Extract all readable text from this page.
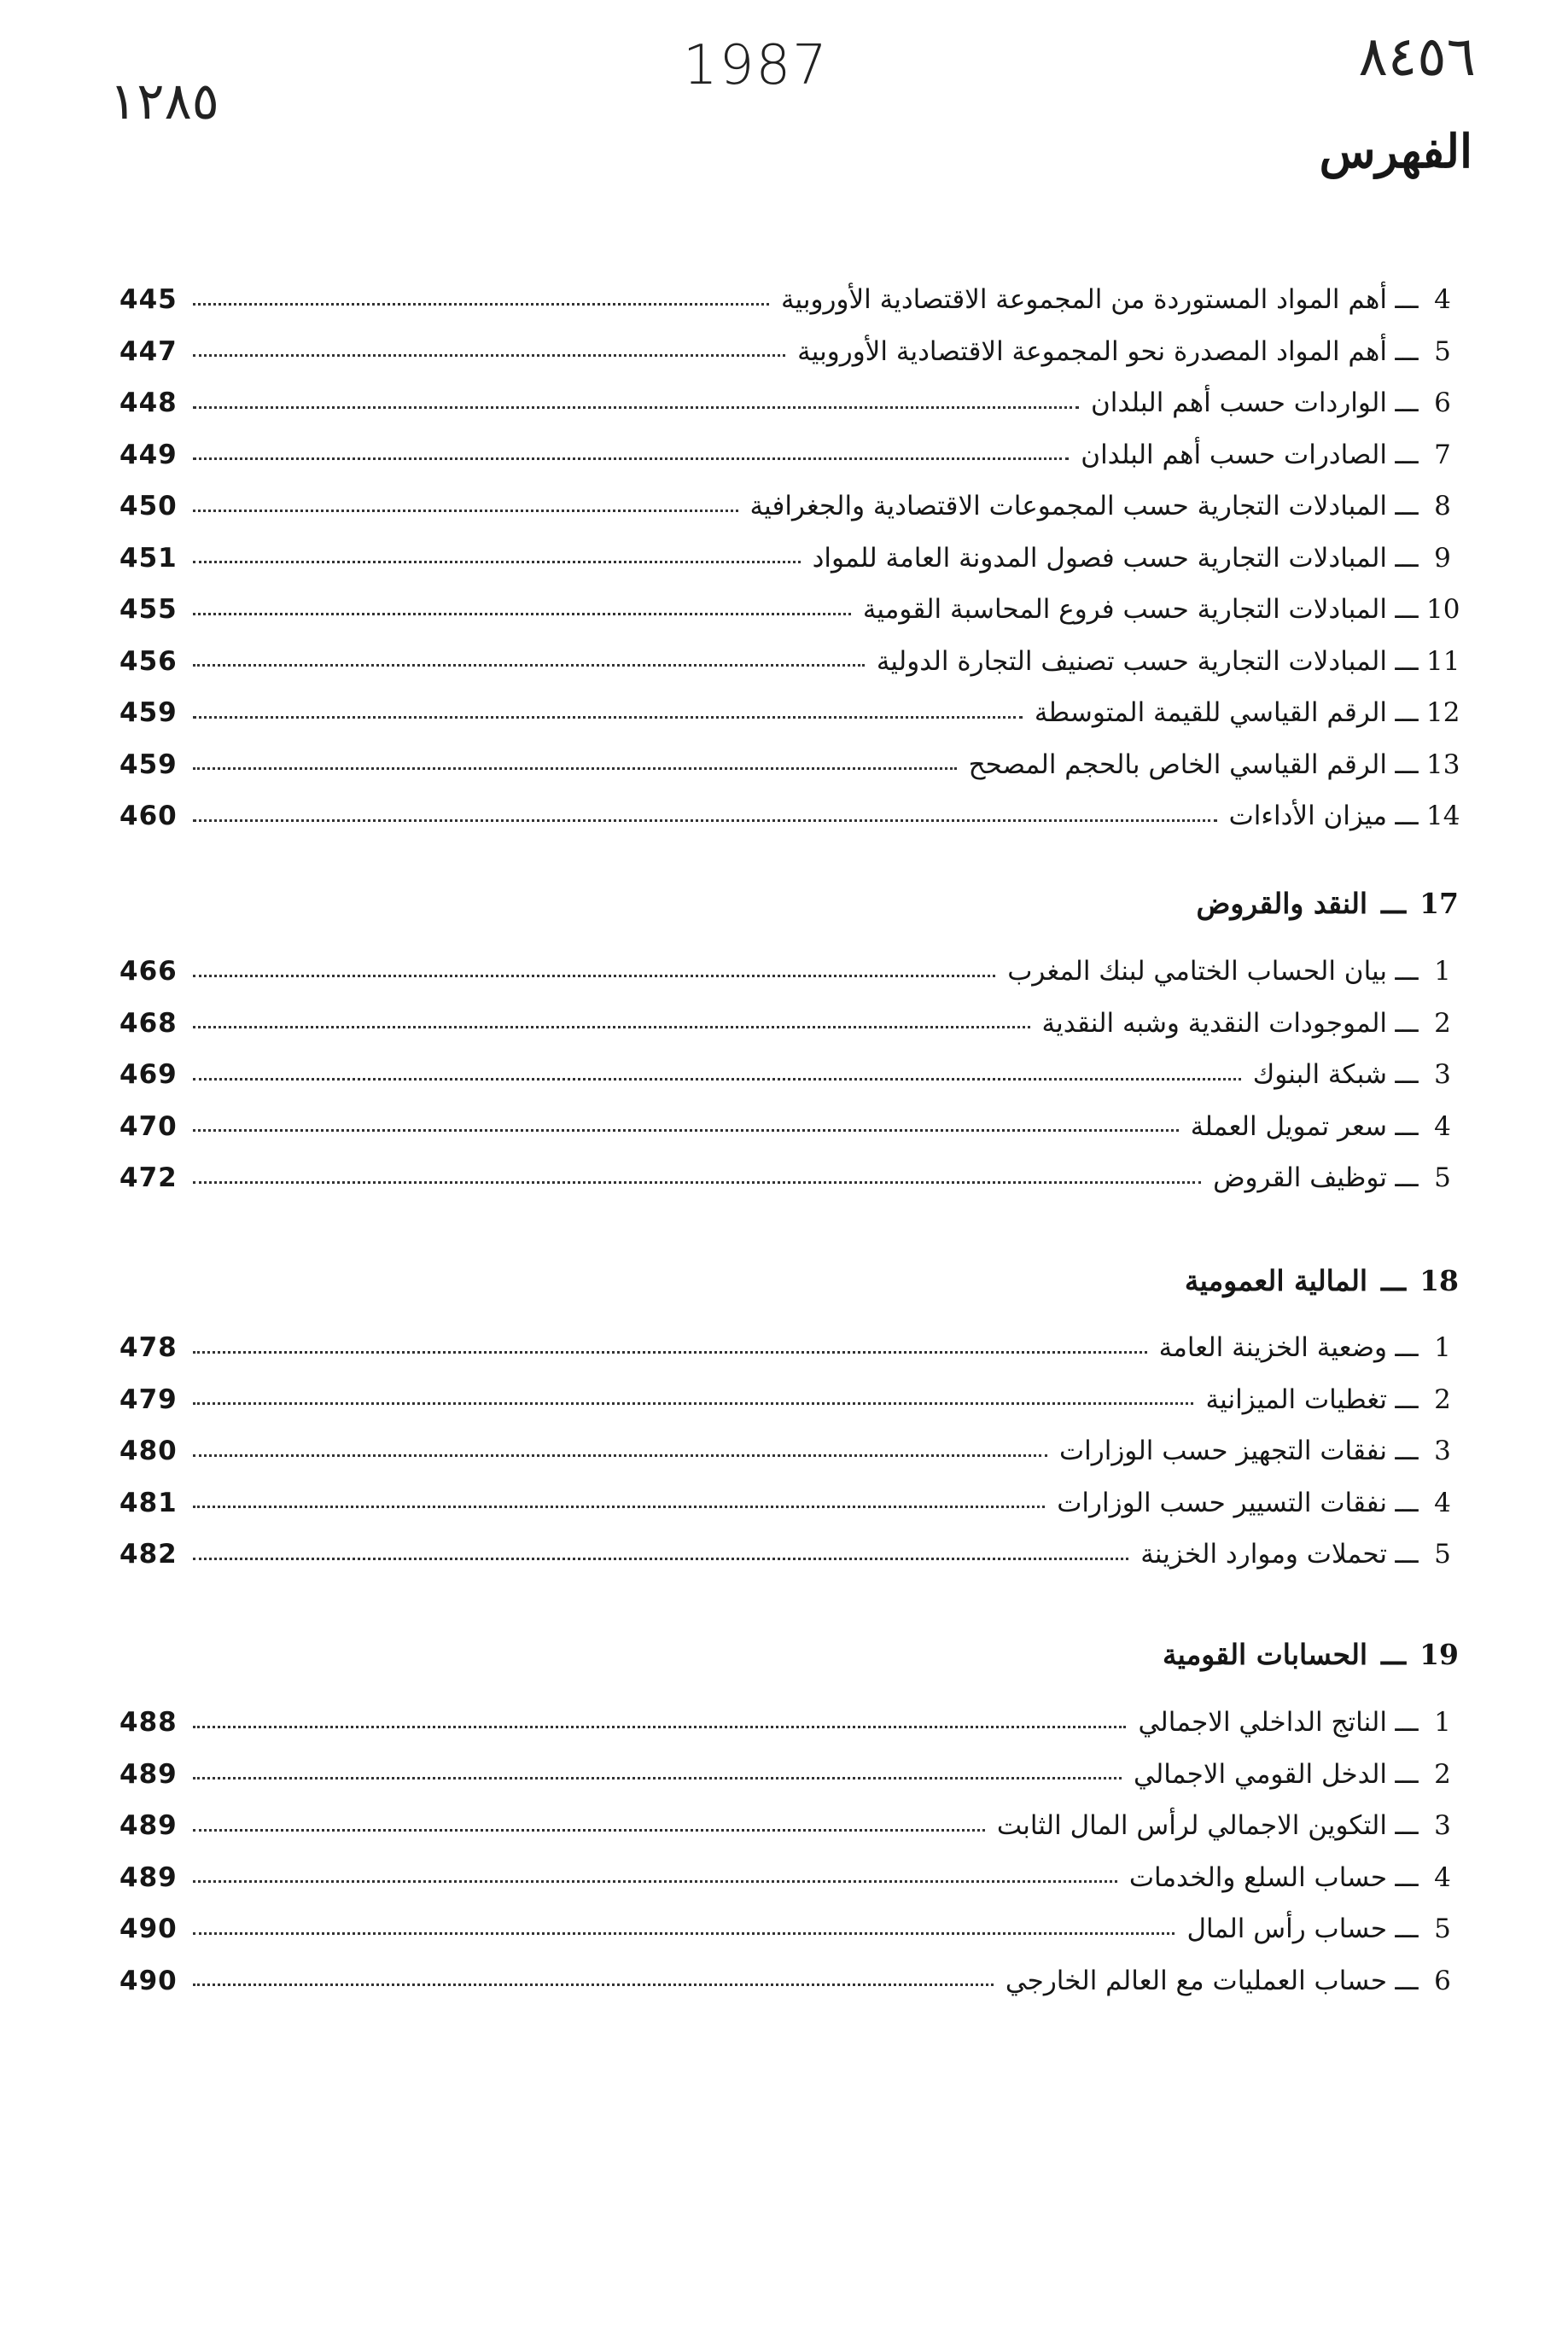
١٢٨٥
1987	٨٤٥٦
الفهرس
4
ـــ
أهم المواد المستوردة من المجموعة الاقتصادية الأوروبية
445
5
ـــ
أهم المواد المصدرة نحو المجموعة الاقتصادية الأوروبية
447
6
ـــ
الواردات حسب أهم البلدان
448
7
ـــ
الصادرات حسب أهم البلدان
449
8
ـــ
المبادلات التجارية حسب المجموعات الاقتصادية والجغرافية
450
9
ـــ
المبادلات التجارية حسب فصول المدونة العامة للمواد
451
10
ـــ
المبادلات التجارية حسب فروع المحاسبة القومية
455
11
ـــ
المبادلات التجارية حسب تصنيف التجارة الدولية
456
12
ـــ
الرقم القياسي للقيمة المتوسطة
459
13
ـــ
الرقم القياسي الخاص بالحجم المصحح
459
14
ـــ
ميزان الأداءات
460
17
ـــ
النقد والقروض
1
ـــ
بيان الحساب الختامي لبنك المغرب
466
2
ـــ
الموجودات النقدية وشبه النقدية
468
3
ـــ
شبكة البنوك
469
4
ـــ
سعر تمويل العملة
470
5
ـــ
توظيف القروض
472
18
ـــ
المالية العمومية
1
ـــ
وضعية الخزينة العامة
478
2
ـــ
تغطيات الميزانية
479
3
ـــ
نفقات التجهيز حسب الوزارات
480
4
ـــ
نفقات التسيير حسب الوزارات
481
5
ـــ
تحملات وموارد الخزينة
482
19
ـــ
الحسابات القومية
1
ـــ
الناتج الداخلي الاجمالي
488
2
ـــ
الدخل القومي الاجمالي
489
3
ـــ
التكوين الاجمالي لرأس المال الثابت
489
4
ـــ
حساب السلع والخدمات
489
5
ـــ
حساب رأس المال
490
6
ـــ
حساب العمليات مع العالم الخارجي
490
